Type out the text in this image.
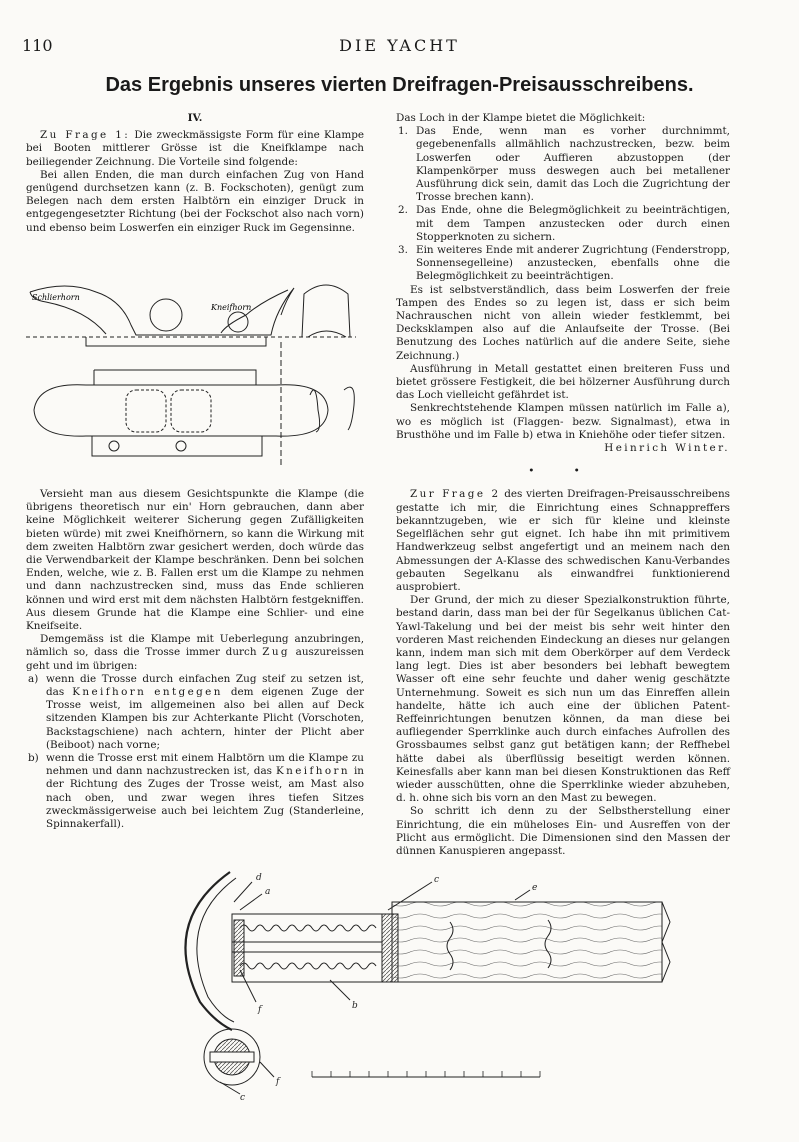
110	DIE YACHT
Das Ergebnis unseres vierten Dreifragen-Preisausschreibens.

IV.

Zu Frage 1: Die zweckmässigste Form für eine Klampe bei Booten mittlerer Grösse ist die Kneifklampe nach beiliegender Zeichnung. Die Vorteile sind folgende:

Bei allen Enden, die man durch einfachen Zug von Hand genügend durchsetzen kann (z. B. Fockschoten), genügt zum Belegen nach dem ersten Halbtörn ein einziger Druck in entgegengesetzter Richtung (bei der Fockschot also nach vorn) und ebenso beim Loswerfen ein einziger Ruck im Gegensinne.

Schlierhorn
Kneifhorn

Versieht man aus diesem Gesichtspunkte die Klampe (die übrigens theoretisch nur ein' Horn gebrauchen, dann aber keine Möglichkeit weiterer Sicherung gegen Zufälligkeiten bieten würde) mit zwei Kneifhörnern, so kann die Wirkung mit dem zweiten Halbtörn zwar gesichert werden, doch würde das die Verwendbarkeit der Klampe beschränken. Denn bei solchen Enden, welche, wie z. B. Fallen erst um die Klampe zu nehmen und dann nachzustrecken sind, muss das Ende schlieren können und wird erst mit dem nächsten Halbtörn festgekniffen. Aus diesem Grunde hat die Klampe eine Schlier- und eine Kneifseite.

Demgemäss ist die Klampe mit Ueberlegung anzubringen, nämlich so, dass die Trosse immer durch Zug auszureissen geht und im übrigen:

a) wenn die Trosse durch einfachen Zug steif zu setzen ist, das Kneifhorn entgegen dem eigenen Zuge der Trosse weist, im allgemeinen also bei allen auf Deck sitzenden Klampen bis zur Achterkante Plicht (Vorschoten, Backstagschiene) nach achtern, hinter der Plicht aber (Beiboot) nach vorne;
b) wenn die Trosse erst mit einem Halbtörn um die Klampe zu nehmen und dann nachzustrecken ist, das Kneifhorn in der Richtung des Zuges der Trosse weist, am Mast also nach oben, und zwar wegen ihres tiefen Sitzes zweckmässigerweise auch bei leichtem Zug (Standerleine, Spinnakerfall).

Das Loch in der Klampe bietet die Möglichkeit:

1. Das Ende, wenn man es vorher durchnimmt, gegebenenfalls allmählich nachzustrecken, bezw. beim Loswerfen oder Auffieren abzustoppen (der Klampenkörper muss deswegen auch bei metallener Ausführung dick sein, damit das Loch die Zugrichtung der Trosse brechen kann).
2. Das Ende, ohne die Belegmöglichkeit zu beeinträchtigen, mit dem Tampen anzustecken oder durch einen Stopperknoten zu sichern.
3. Ein weiteres Ende mit anderer Zugrichtung (Fenderstropp, Sonnensegelleine) anzustecken, ebenfalls ohne die Belegmöglichkeit zu beeinträchtigen.

Es ist selbstverständlich, dass beim Loswerfen der freie Tampen des Endes so zu legen ist, dass er sich beim Nachrauschen nicht von allein wieder festklemmt, bei Decksklampen also auf die Anlaufseite der Trosse. (Bei Benutzung des Loches natürlich auf die andere Seite, siehe Zeichnung.)

Ausführung in Metall gestattet einen breiteren Fuss und bietet grössere Festigkeit, die bei hölzerner Ausführung durch das Loch vielleicht gefährdet ist.

Senkrechtstehende Klampen müssen natürlich im Falle a), wo es möglich ist (Flaggen- bezw. Signalmast), etwa in Brusthöhe und im Falle b) etwa in Kniehöhe oder tiefer sitzen.

Heinrich Winter.
• •

Zur Frage 2 des vierten Dreifragen-Preisausschreibens gestatte ich mir, die Einrichtung eines Schnappreffers bekanntzugeben, wie er sich für kleine und kleinste Segelflächen sehr gut eignet. Ich habe ihn mit primitivem Handwerkzeug selbst angefertigt und an meinem nach den Abmessungen der A-Klasse des schwedischen Kanu-Verbandes gebauten Segelkanu als einwandfrei funktionierend ausprobiert.

Der Grund, der mich zu dieser Spezialkonstruktion führte, bestand darin, dass man bei der für Segelkanus üblichen Cat-Yawl-Takelung und bei der meist bis sehr weit hinter den vorderen Mast reichenden Eindeckung an dieses nur gelangen kann, indem man sich mit dem Oberkörper auf dem Verdeck lang legt. Dies ist aber besonders bei lebhaft bewegtem Wasser oft eine sehr feuchte und daher wenig geschätzte Unternehmung. Soweit es sich nun um das Einreffen allein handelte, hätte ich auch eine der üblichen Patent-Reffeinrichtungen benutzen können, da man diese bei aufliegender Sperrklinke auch durch einfaches Aufrollen des Grossbaumes selbst ganz gut betätigen kann; der Reffhebel hätte dabei als überflüssig beseitigt werden können. Keinesfalls aber kann man bei diesen Konstruktionen das Reff wieder ausschütten, ohne die Sperrklinke wieder abzuheben, d. h. ohne sich bis vorn an den Mast zu bewegen.

So schritt ich denn zu der Selbstherstellung einer Einrichtung, die ein müheloses Ein- und Ausreffen von der Plicht aus ermöglicht. Die Dimensionen sind den Massen der dünnen Kanuspieren angepasst.

d
a
c
e
f	b
f
c
